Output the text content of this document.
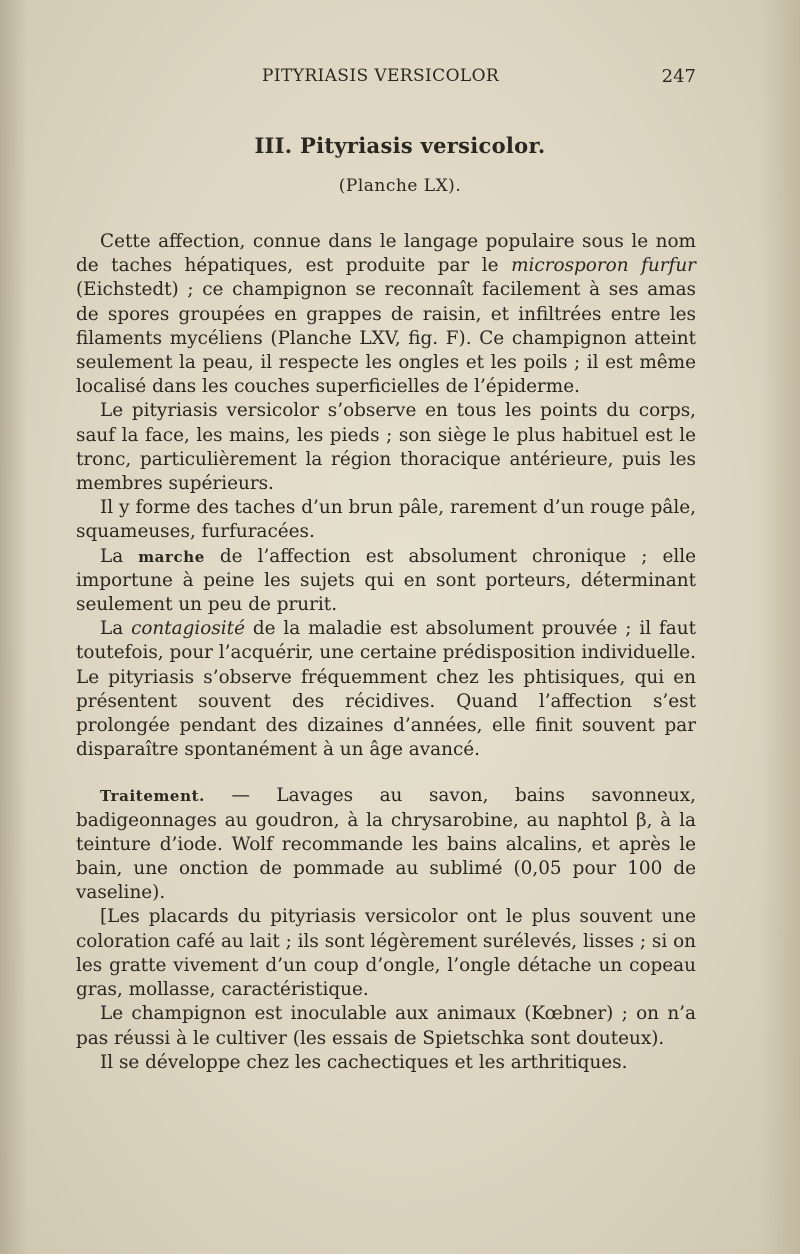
PITYRIASIS VERSICOLOR	247
III. Pityriasis versicolor.
(Planche LX).

Cette affection, connue dans le langage populaire sous le nom de taches hépatiques, est produite par le microsporon furfur (Eichstedt) ; ce champignon se reconnaît facilement à ses amas de spores groupées en grappes de raisin, et infiltrées entre les filaments mycéliens (Planche LXV, fig. F). Ce champignon atteint seulement la peau, il respecte les ongles et les poils ; il est même localisé dans les couches superficielles de l’épiderme.

Le pityriasis versicolor s’observe en tous les points du corps, sauf la face, les mains, les pieds ; son siège le plus habituel est le tronc, particulièrement la région thoracique antérieure, puis les membres supérieurs.

Il y forme des taches d’un brun pâle, rarement d’un rouge pâle, squameuses, furfuracées.

La marche de l’affection est absolument chronique ; elle importune à peine les sujets qui en sont porteurs, déterminant seulement un peu de prurit.

La contagiosité de la maladie est absolument prouvée ; il faut toutefois, pour l’acquérir, une certaine prédisposition individuelle. Le pityriasis s’observe fréquemment chez les phtisiques, qui en présentent souvent des récidives. Quand l’affection s’est prolongée pendant des dizaines d’années, elle finit souvent par disparaître spontanément à un âge avancé.

Traitement. — Lavages au savon, bains savonneux, badigeonnages au goudron, à la chrysarobine, au naphtol β, à la teinture d’iode. Wolf recommande les bains alcalins, et après le bain, une onction de pommade au sublimé (0,05 pour 100 de vaseline).

[Les placards du pityriasis versicolor ont le plus souvent une coloration café au lait ; ils sont légèrement surélevés, lisses ; si on les gratte vivement d’un coup d’ongle, l’ongle détache un copeau gras, mollasse, caractéristique.

Le champignon est inoculable aux animaux (Kœbner) ; on n’a pas réussi à le cultiver (les essais de Spietschka sont douteux).

Il se développe chez les cachectiques et les arthritiques.
